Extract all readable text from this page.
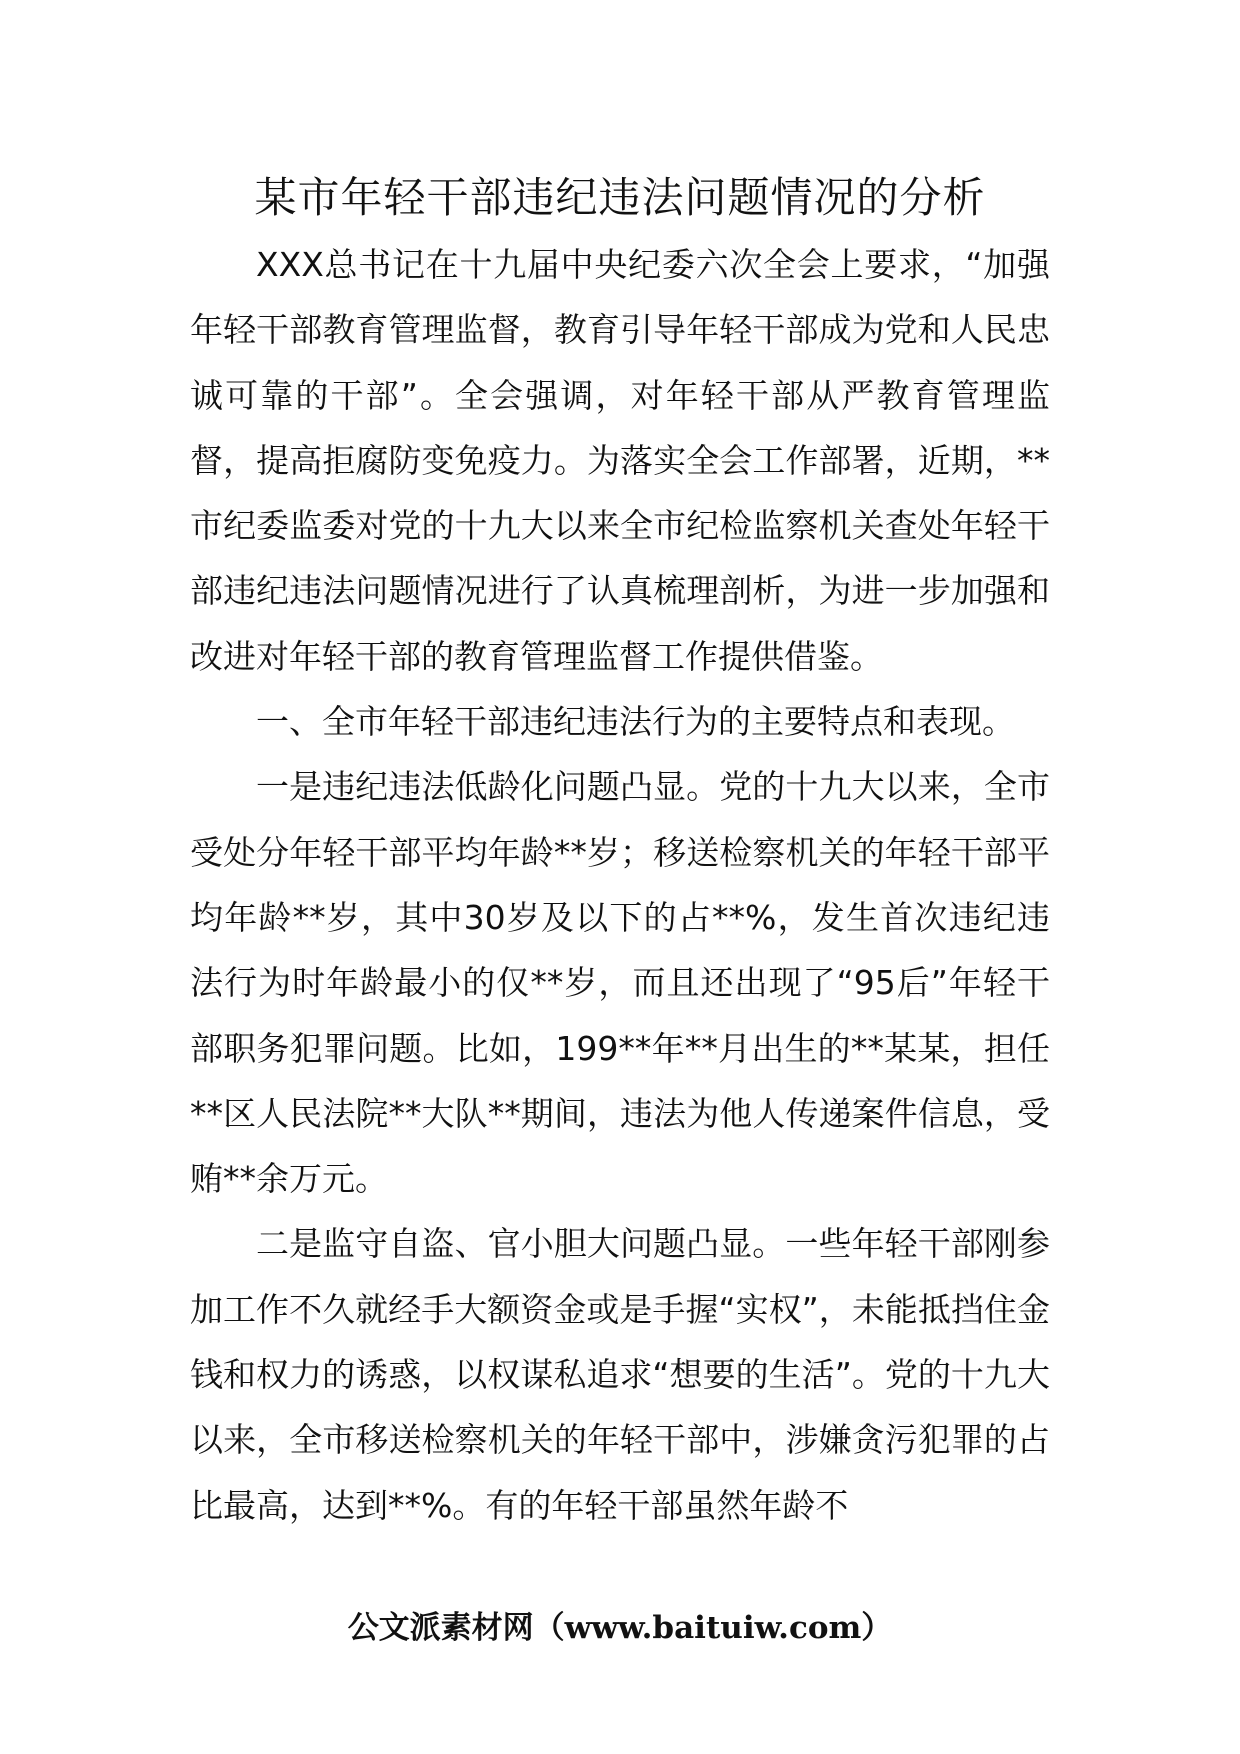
某市年轻干部违纪违法问题情况的分析

XXX总书记在十九届中央纪委六次全会上要求，“加强年轻干部教育管理监督，教育引导年轻干部成为党和人民忠诚可靠的干部”。全会强调，对年轻干部从严教育管理监督，提高拒腐防变免疫力。为落实全会工作部署，近期，**市纪委监委对党的十九大以来全市纪检监察机关查处年轻干部违纪违法问题情况进行了认真梳理剖析，为进一步加强和改进对年轻干部的教育管理监督工作提供借鉴。

一、全市年轻干部违纪违法行为的主要特点和表现。

一是违纪违法低龄化问题凸显。党的十九大以来，全市受处分年轻干部平均年龄**岁；移送检察机关的年轻干部平均年龄**岁，其中30岁及以下的占**%，发生首次违纪违法行为时年龄最小的仅**岁，而且还出现了“95后”年轻干部职务犯罪问题。比如，199**年**月出生的**某某，担任**区人民法院**大队**期间，违法为他人传递案件信息，受贿**余万元。

二是监守自盗、官小胆大问题凸显。一些年轻干部刚参加工作不久就经手大额资金或是手握“实权”，未能抵挡住金钱和权力的诱惑，以权谋私追求“想要的生活”。党的十九大以来，全市移送检察机关的年轻干部中，涉嫌贪污犯罪的占比最高，达到**%。有的年轻干部虽然年龄不

公文派素材网（www.baituiw.com）
